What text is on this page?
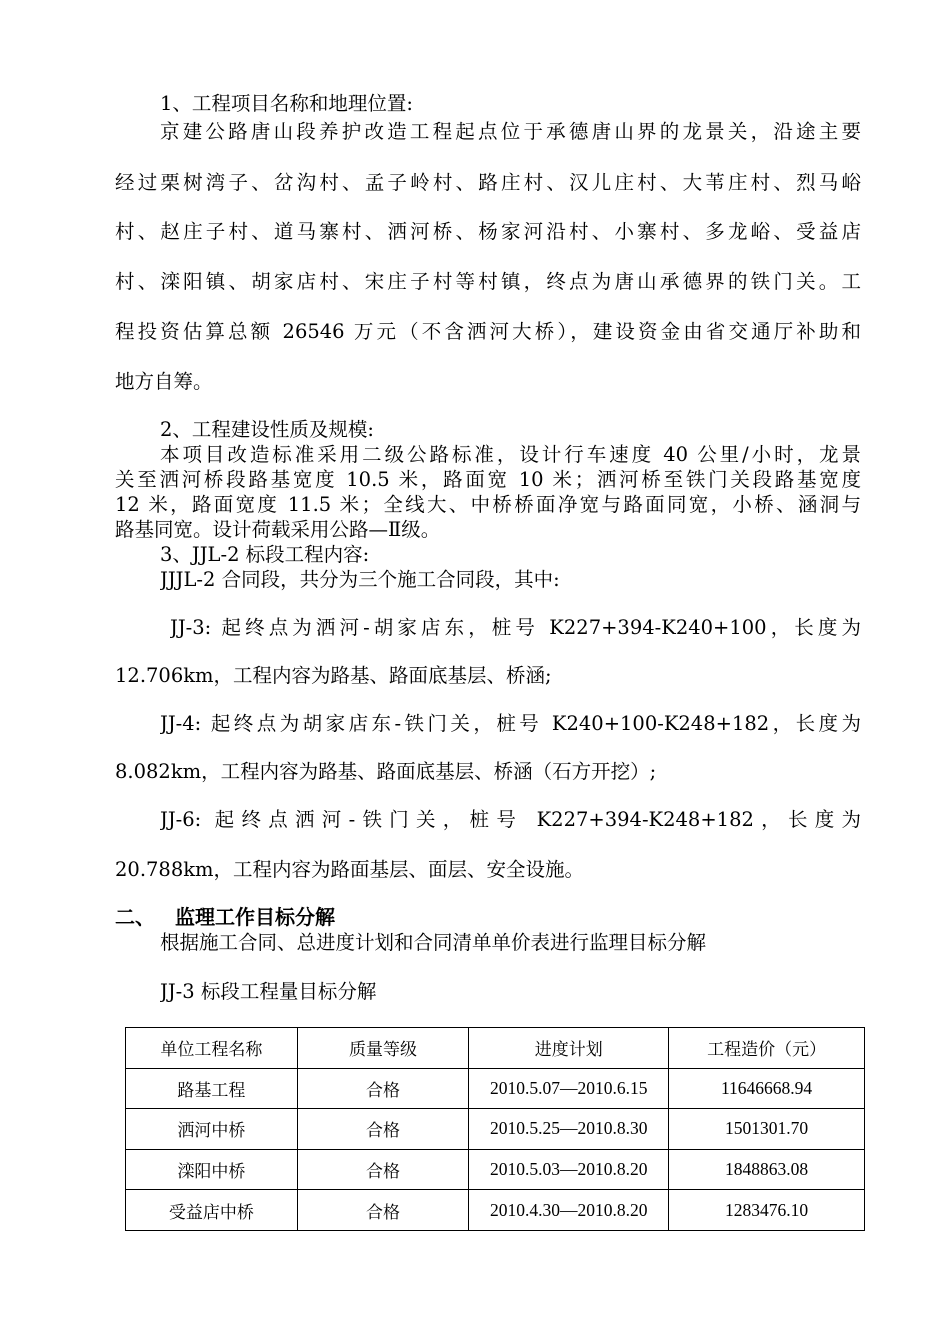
1、工程项目名称和地理位置:
京建公路唐山段养护改造工程起点位于承德唐山界的龙景关，沿途主要
经过栗树湾子、岔沟村、孟子岭村、路庄村、汉儿庄村、大苇庄村、烈马峪
村、赵庄子村、道马寨村、洒河桥、杨家河沿村、小寨村、多龙峪、受益店
村、滦阳镇、胡家店村、宋庄子村等村镇，终点为唐山承德界的铁门关。工
程投资估算总额 26546 万元（不含洒河大桥），建设资金由省交通厅补助和
地方自筹。
2、工程建设性质及规模:
本项目改造标准采用二级公路标准，设计行车速度 40 公里/小时，龙景
关至洒河桥段路基宽度 10.5 米，路面宽 10 米；洒河桥至铁门关段路基宽度
12 米，路面宽度 11.5 米；全线大、中桥桥面净宽与路面同宽，小桥、涵洞与
路基同宽。设计荷载采用公路—Ⅱ级。
3、JJL-2 标段工程内容:
JJJL-2 合同段，共分为三个施工合同段，其中:
JJ-3: 起终点为洒河-胡家店东，桩号 K227+394-K240+100，长度为
12.706km，工程内容为路基、路面底基层、桥涵;
JJ-4: 起终点为胡家店东-铁门关，桩号 K240+100-K248+182，长度为
8.082km，工程内容为路基、路面底基层、桥涵（石方开挖）;
JJ-6: 起终点洒河-铁门关，桩号 K227+394-K248+182，长度为
20.788km，工程内容为路面基层、面层、安全设施。
二、 监理工作目标分解
根据施工合同、总进度计划和合同清单单价表进行监理目标分解
JJ-3 标段工程量目标分解
单位工程名称	质量等级	进度计划	工程造价（元）
路基工程	合格	2010.5.07—2010.6.15	11646668.94
洒河中桥	合格	2010.5.25—2010.8.30	1501301.70
滦阳中桥	合格	2010.5.03—2010.8.20	1848863.08
受益店中桥	合格	2010.4.30—2010.8.20	1283476.10
